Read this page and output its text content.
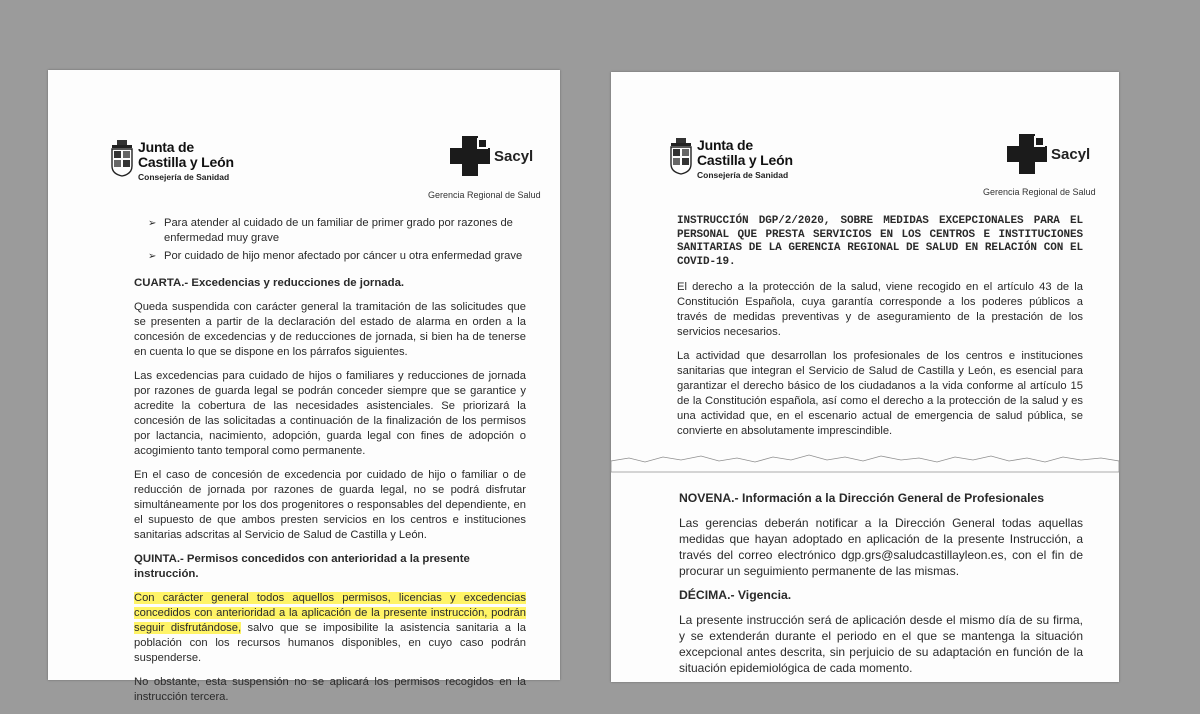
Junta de
Castilla y León
Consejería de Sanidad
Sacyl
Gerencia Regional de Salud
➢ Para atender al cuidado de un familiar de primer grado por razones de enfermedad muy grave
➢ Por cuidado de hijo menor afectado por cáncer u otra enfermedad grave
CUARTA.- Excedencias y reducciones de jornada.

Queda suspendida con carácter general la tramitación de las solicitudes que se presenten a partir de la declaración del estado de alarma en orden a la concesión de excedencias y de reducciones de jornada, si bien ha de tenerse en cuenta lo que se dispone en los párrafos siguientes.

Las excedencias para cuidado de hijos o familiares y reducciones de jornada por razones de guarda legal se podrán conceder siempre que se garantice y acredite la cobertura de las necesidades asistenciales. Se priorizará la concesión de las solicitadas a continuación de la finalización de los permisos por lactancia, nacimiento, adopción, guarda legal con fines de adopción o acogimiento tanto temporal como permanente.

En el caso de concesión de excedencia por cuidado de hijo o familiar o de reducción de jornada por razones de guarda legal, no se podrá disfrutar simultáneamente por los dos progenitores o responsables del dependiente, en el supuesto de que ambos presten servicios en los centros e instituciones sanitarias adscritas al Servicio de Salud de Castilla y León.

QUINTA.- Permisos concedidos con anterioridad a la presente instrucción.

Con carácter general todos aquellos permisos, licencias y excedencias concedidos con anterioridad a la aplicación de la presente instrucción, podrán seguir disfrutándose, salvo que se imposibilite la asistencia sanitaria a la población con los recursos humanos disponibles, en cuyo caso podrán suspenderse.

No obstante, esta suspensión no se aplicará los permisos recogidos en la instrucción tercera.

Junta de
Castilla y León
Consejería de Sanidad
Sacyl
Gerencia Regional de Salud
INSTRUCCIÓN DGP/2/2020, SOBRE MEDIDAS EXCEPCIONALES PARA EL PERSONAL QUE PRESTA SERVICIOS EN LOS CENTROS E INSTITUCIONES SANITARIAS DE LA GERENCIA REGIONAL DE SALUD EN RELACIÓN CON EL COVID-19.

El derecho a la protección de la salud, viene recogido en el artículo 43 de la Constitución Española, cuya garantía corresponde a los poderes públicos a través de medidas preventivas y de aseguramiento de la prestación de los servicios necesarios.

La actividad que desarrollan los profesionales de los centros e instituciones sanitarias que integran el Servicio de Salud de Castilla y León, es esencial para garantizar el derecho básico de los ciudadanos a la vida conforme al artículo 15 de la Constitución española, así como el derecho a la protección de la salud y es una actividad que, en el escenario actual de emergencia de salud pública, se convierte en absolutamente imprescindible.

NOVENA.- Información a la Dirección General de Profesionales

Las gerencias deberán notificar a la Dirección General todas aquellas medidas que hayan adoptado en aplicación de la presente Instrucción, a través del correo electrónico dgp.grs@saludcastillayleon.es, con el fin de procurar un seguimiento permanente de las mismas.

DÉCIMA.- Vigencia.

La presente instrucción será de aplicación desde el mismo día de su firma, y se extenderán durante el periodo en el que se mantenga la situación excepcional antes descrita, sin perjuicio de su adaptación en función de la situación epidemiológica de cada momento.
